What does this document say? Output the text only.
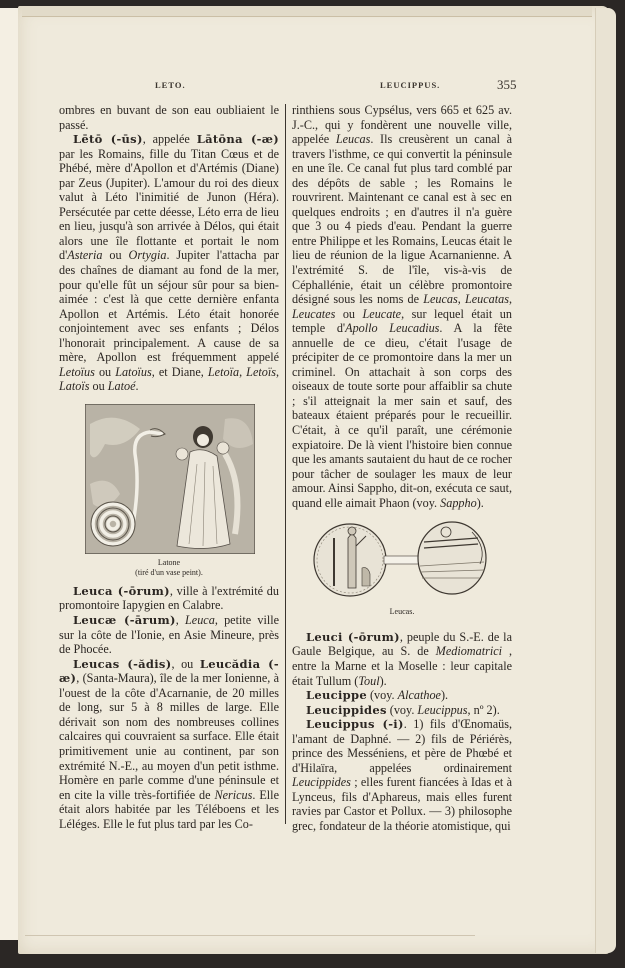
LETO.	LEUCIPPUS.	355

ombres en buvant de son eau oubliaient le passé.

Lētō (-ūs), appelée Lātōna (-æ) par les Romains, fille du Titan Cœus et de Phébé, mère d'Apollon et d'Artémis (Diane) par Zeus (Jupiter). L'amour du roi des dieux valut à Léto l'inimitié de Junon (Héra). Persécutée par cette déesse, Léto erra de lieu en lieu, jusqu'à son arrivée à Délos, qui était alors une île flottante et portait le nom d'Asteria ou Ortygia. Jupiter l'attacha par des chaînes de diamant au fond de la mer, pour qu'elle fût un séjour sûr pour sa bien-aimée : c'est là que cette dernière enfanta Apollon et Artémis. Léto était honorée conjointement avec ses enfants ; Délos l'honorait principalement. A cause de sa mère, Apollon est fréquemment appelé Letoïus ou Latoïus, et Diane, Letoïa, Letoïs, Latoïs ou Latoé.

Latone
(tiré d'un vase peint).

Leuca (-ōrum), ville à l'extrémité du promontoire Iapygien en Calabre.

Leucæ (-ārum), Leuca, petite ville sur la côte de l'Ionie, en Asie Mineure, près de Phocée.

Leucas (-ădis), ou Leucădia (-æ), (Santa-Maura), île de la mer Ionienne, à l'ouest de la côte d'Acarnanie, de 20 milles de long, sur 5 à 8 milles de large. Elle dérivait son nom des nombreuses collines calcaires qui couvraient sa surface. Elle était primitivement unie au continent, par son extrémité N.-E., au moyen d'un petit isthme. Homère en parle comme d'une péninsule et en cite la ville très-fortifiée de Nericus. Elle était alors habitée par les Téléboens et les Léléges. Elle le fut plus tard par les Co-

rinthiens sous Cypsélus, vers 665 et 625 av. J.-C., qui y fondèrent une nouvelle ville, appelée Leucas. Ils creusèrent un canal à travers l'isthme, ce qui convertit la péninsule en une île. Ce canal fut plus tard comblé par des dépôts de sable ; les Romains le rouvrirent. Maintenant ce canal est à sec en quelques endroits ; en d'autres il n'a guère que 3 ou 4 pieds d'eau. Pendant la guerre entre Philippe et les Romains, Leucas était le lieu de réunion de la ligue Acarnanienne. A l'extrémité S. de l'île, vis-à-vis de Céphallénie, était un célèbre promontoire désigné sous les noms de Leucas, Leucatas, Leucates ou Leucate, sur lequel était un temple d'Apollo Leucadius. A la fête annuelle de ce dieu, c'était l'usage de précipiter de ce promontoire dans la mer un criminel. On attachait à son corps des oiseaux de toute sorte pour affaiblir sa chute ; s'il atteignait la mer sain et sauf, des bateaux étaient préparés pour le recueillir. C'était, à ce qu'il paraît, une cérémonie expiatoire. De là vient l'histoire bien connue que les amants sautaient du haut de ce rocher pour tâcher de soulager les maux de leur amour. Ainsi Sappho, dit-on, exécuta ce saut, quand elle aimait Phaon (voy. Sappho).

Leucas.

Leuci (-ōrum), peuple du S.-E. de la Gaule Belgique, au S. de Mediomatrici , entre la Marne et la Moselle : leur capitale était Tullum (Toul).

Leucippe (voy. Alcathoe).

Leucippides (voy. Leucippus, nº 2).

Leucippus (-i). 1) fils d'Œnomaüs, l'amant de Daphné. — 2) fils de Périérès, prince des Messéniens, et père de Phœbé et d'Hilaïra, appelées ordinairement Leucippides ; elles furent fiancées à Idas et à Lynceus, fils d'Aphareus, mais elles furent ravies par Castor et Pollux. — 3) philosophe grec, fondateur de la théorie atomistique, qui
